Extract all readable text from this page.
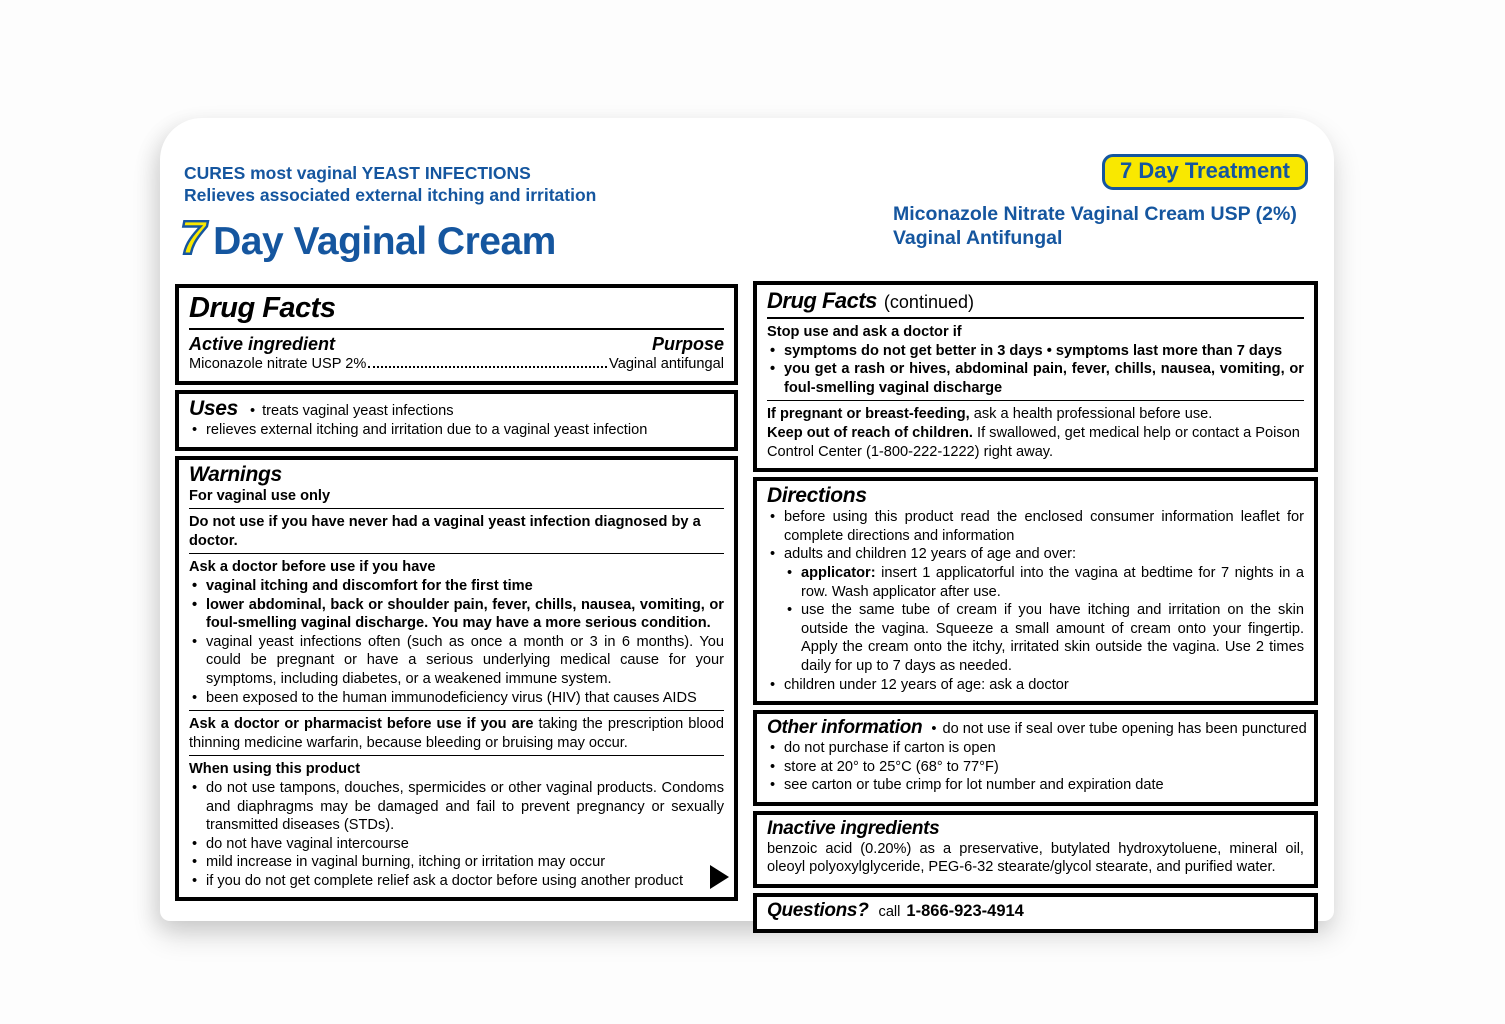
CURES most vaginal YEAST INFECTIONS
Relieves associated external itching and irritation
7 Day Vaginal Cream
7 Day Treatment
Miconazole Nitrate Vaginal Cream USP (2%)
Vaginal Antifungal
Drug Facts
Active ingredient	Purpose
Miconazole nitrate USP 2%	Vaginal antifungal
Uses • treats vaginal yeast infections
• relieves external itching and irritation due to a vaginal yeast infection
Warnings
For vaginal use only
Do not use if you have never had a vaginal yeast infection diagnosed by a doctor.
Ask a doctor before use if you have
• vaginal itching and discomfort for the first time
• lower abdominal, back or shoulder pain, fever, chills, nausea, vomiting, or foul-smelling vaginal discharge. You may have a more serious condition.
• vaginal yeast infections often (such as once a month or 3 in 6 months). You could be pregnant or have a serious underlying medical cause for your symptoms, including diabetes, or a weakened immune system.
• been exposed to the human immunodeficiency virus (HIV) that causes AIDS
Ask a doctor or pharmacist before use if you are taking the prescription blood thinning medicine warfarin, because bleeding or bruising may occur.
When using this product
• do not use tampons, douches, spermicides or other vaginal products. Condoms and diaphragms may be damaged and fail to prevent pregnancy or sexually transmitted diseases (STDs).
• do not have vaginal intercourse
• mild increase in vaginal burning, itching or irritation may occur
• if you do not get complete relief ask a doctor before using another product
Drug Facts (continued)
Stop use and ask a doctor if
• symptoms do not get better in 3 days • symptoms last more than 7 days
• you get a rash or hives, abdominal pain, fever, chills, nausea, vomiting, or foul-smelling vaginal discharge
If pregnant or breast-feeding, ask a health professional before use.
Keep out of reach of children. If swallowed, get medical help or contact a Poison Control Center (1-800-222-1222) right away.
Directions
• before using this product read the enclosed consumer information leaflet for complete directions and information
• adults and children 12 years of age and over:
• applicator: insert 1 applicatorful into the vagina at bedtime for 7 nights in a row. Wash applicator after use.
• use the same tube of cream if you have itching and irritation on the skin outside the vagina. Squeeze a small amount of cream onto your fingertip. Apply the cream onto the itchy, irritated skin outside the vagina. Use 2 times daily for up to 7 days as needed.
• children under 12 years of age: ask a doctor
Other information • do not use if seal over tube opening has been punctured
• do not purchase if carton is open
• store at 20° to 25°C (68° to 77°F)
• see carton or tube crimp for lot number and expiration date
Inactive ingredients
benzoic acid (0.20%) as a preservative, butylated hydroxytoluene, mineral oil, oleoyl polyoxylglyceride, PEG-6-32 stearate/glycol stearate, and purified water.
Questions? call 1-866-923-4914
